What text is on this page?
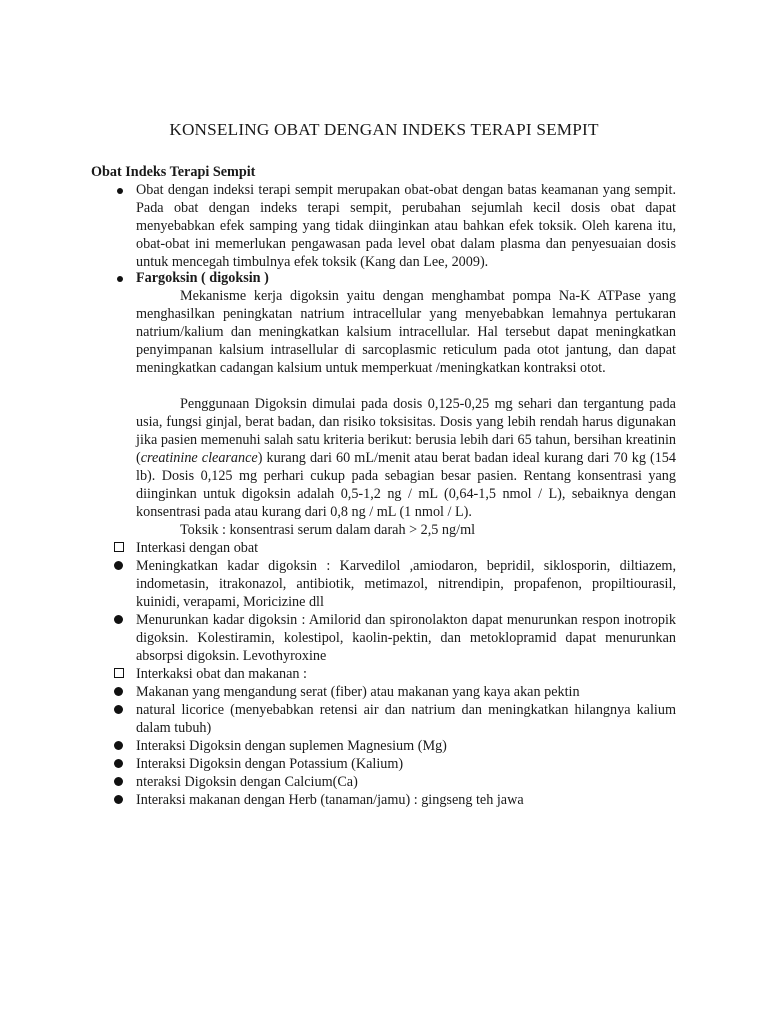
KONSELING OBAT DENGAN INDEKS TERAPI SEMPIT
Obat Indeks Terapi Sempit

Obat dengan indeksi terapi sempit merupakan obat-obat dengan batas keamanan yang sempit. Pada obat dengan indeks terapi sempit, perubahan sejumlah kecil dosis obat dapat menyebabkan efek samping yang tidak diinginkan atau bahkan efek toksik. Oleh karena itu, obat-obat ini memerlukan pengawasan pada level obat dalam plasma dan penyesuaian dosis untuk mencegah timbulnya efek toksik (Kang dan Lee, 2009).

Fargoksin ( digoksin )

Mekanisme kerja digoksin yaitu dengan menghambat pompa Na-K ATPase yang menghasilkan peningkatan natrium intracellular yang menyebabkan lemahnya pertukaran natrium/kalium dan meningkatkan kalsium intracellular. Hal tersebut dapat meningkatkan penyimpanan kalsium intrasellular di sarcoplasmic reticulum pada otot jantung, dan dapat meningkatkan cadangan kalsium untuk memperkuat /meningkatkan kontraksi otot.

Penggunaan Digoksin dimulai pada dosis 0,125-0,25 mg sehari dan tergantung pada usia, fungsi ginjal, berat badan, dan risiko toksisitas. Dosis yang lebih rendah harus digunakan jika pasien memenuhi salah satu kriteria berikut: berusia lebih dari 65 tahun, bersihan kreatinin (creatinine clearance) kurang dari 60 mL/menit atau berat badan ideal kurang dari 70 kg (154 lb). Dosis 0,125 mg perhari cukup pada sebagian besar pasien. Rentang konsentrasi yang diinginkan untuk digoksin adalah 0,5-1,2 ng / mL (0,64-1,5 nmol / L), sebaiknya dengan konsentrasi pada atau kurang dari 0,8 ng / mL (1 nmol / L).

Toksik : konsentrasi serum dalam darah > 2,5 ng/ml
Interkasi dengan obat

Meningkatkan kadar digoksin : Karvedilol ,amiodaron, bepridil, siklosporin, diltiazem, indometasin, itrakonazol, antibiotik, metimazol, nitrendipin, propafenon, propiltiourasil, kuinidi, verapami, Moricizine dll

Menurunkan kadar digoksin : Amilorid dan spironolakton dapat menurunkan respon inotropik digoksin. Kolestiramin, kolestipol, kaolin-pektin, dan metoklopramid dapat menurunkan absorpsi digoksin. Levothyroxine

Interkaksi obat dan makanan :
Makanan yang mengandung serat (fiber) atau makanan yang kaya akan pektin

natural licorice (menyebabkan retensi air dan natrium dan meningkatkan hilangnya kalium dalam tubuh)

Interaksi Digoksin dengan suplemen Magnesium (Mg)
Interaksi Digoksin dengan Potassium (Kalium)
nteraksi Digoksin dengan Calcium(Ca)
Interaksi makanan dengan Herb (tanaman/jamu) : gingseng teh jawa
